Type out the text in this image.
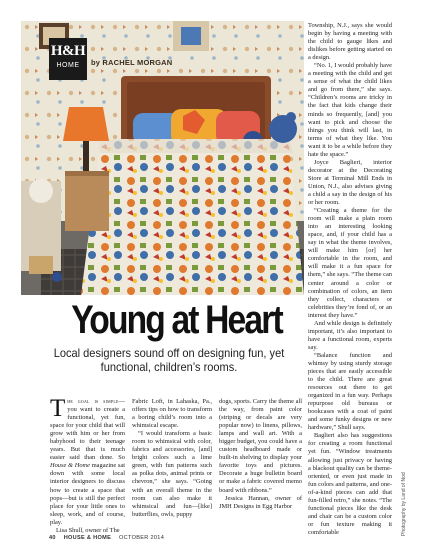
H&H
HOME	by RACHEL MORGAN
Young at Heart
Local designers sound off on designing fun, yet functional, children’s rooms.

The goal is simple—you want to create a functional, yet fun, space for your child that will grow with him or her from babyhood to their teenage years. But that is much easier said than done. So House & Home magazine sat down with some local interior designers to discuss how to create a space that pops—but is still the perfect place for your little ones to sleep, work, and of course, play.

Lisa Shull, owner of The

Fabric Loft, in Lahaska, Pa., offers tips on how to transform a boring child’s room into a whimsical escape.

“I would transform a basic room to whimsical with color, fabrics and accessories, [and] bright colors such a lime green, with fun patterns such as polka dots, animal prints or chevron,” she says. “Going with an overall theme in the room can also make it whimsical and fun—[like] butterflies, owls, puppy

dogs, sports. Carry the theme all the way, from paint color (striping or decals are very popular now) to linens, pillows, lamps and wall art. With a bigger budget, you could have a custom headboard made or built-in shelving to display your favorite toys and pictures. Decorate a huge bulletin board or make a fabric covered memo board with ribbons.”

Jessica Hannan, owner of JMH Designs in Egg Harbor

Township, N.J., says she would begin by having a meeting with the child to gauge likes and dislikes before getting started on a design.

“No. 1, I would probably have a meeting with the child and get a sense of what the child likes and go from there,” she says. “Children’s rooms are tricky in the fact that kids change their minds so frequently, [and] you want to pick and choose the things you think will last, in terms of what they like. You want it to be a while before they hate the space.”

Joyce Baglieri, interior decorator at the Decorating Store at Terminal Mill Ends in Union, N.J., also advises giving a child a say in the design of his or her room.

“Creating a theme for the room will make a plain room into an interesting looking space, and, if your child has a say in what the theme involves, will make him [or] her comfortable in the room, and will make it a fun space for them,” she says. “The theme can center around a color or combination of colors, an item they collect, characters or celebrities they’re fond of, or an interest they have.”

And while design is definitely important, it’s also important to have a functional room, experts say.

“Balance function and whimsy by using sturdy storage pieces that are easily accessible to the child. There are great resources out there to get organized in a fun way. Perhaps repurpose old bureaus or bookcases with a coat of paint and some funky designs or new hardware,” Shull says.

Baglieri also has suggestions for creating a room functional yet fun. “Window treatments allowing just privacy or having a blackout quality can be theme-oriented, or even just made in fun colors and patterns, and one-of-a-kind pieces can add that fun-filled retro,” she notes. “The functional pieces like the desk and chair can be a custom color or fun texture making it comfortable	Photography by Land of Nod
40 HOUSE & HOME OCTOBER 2014
